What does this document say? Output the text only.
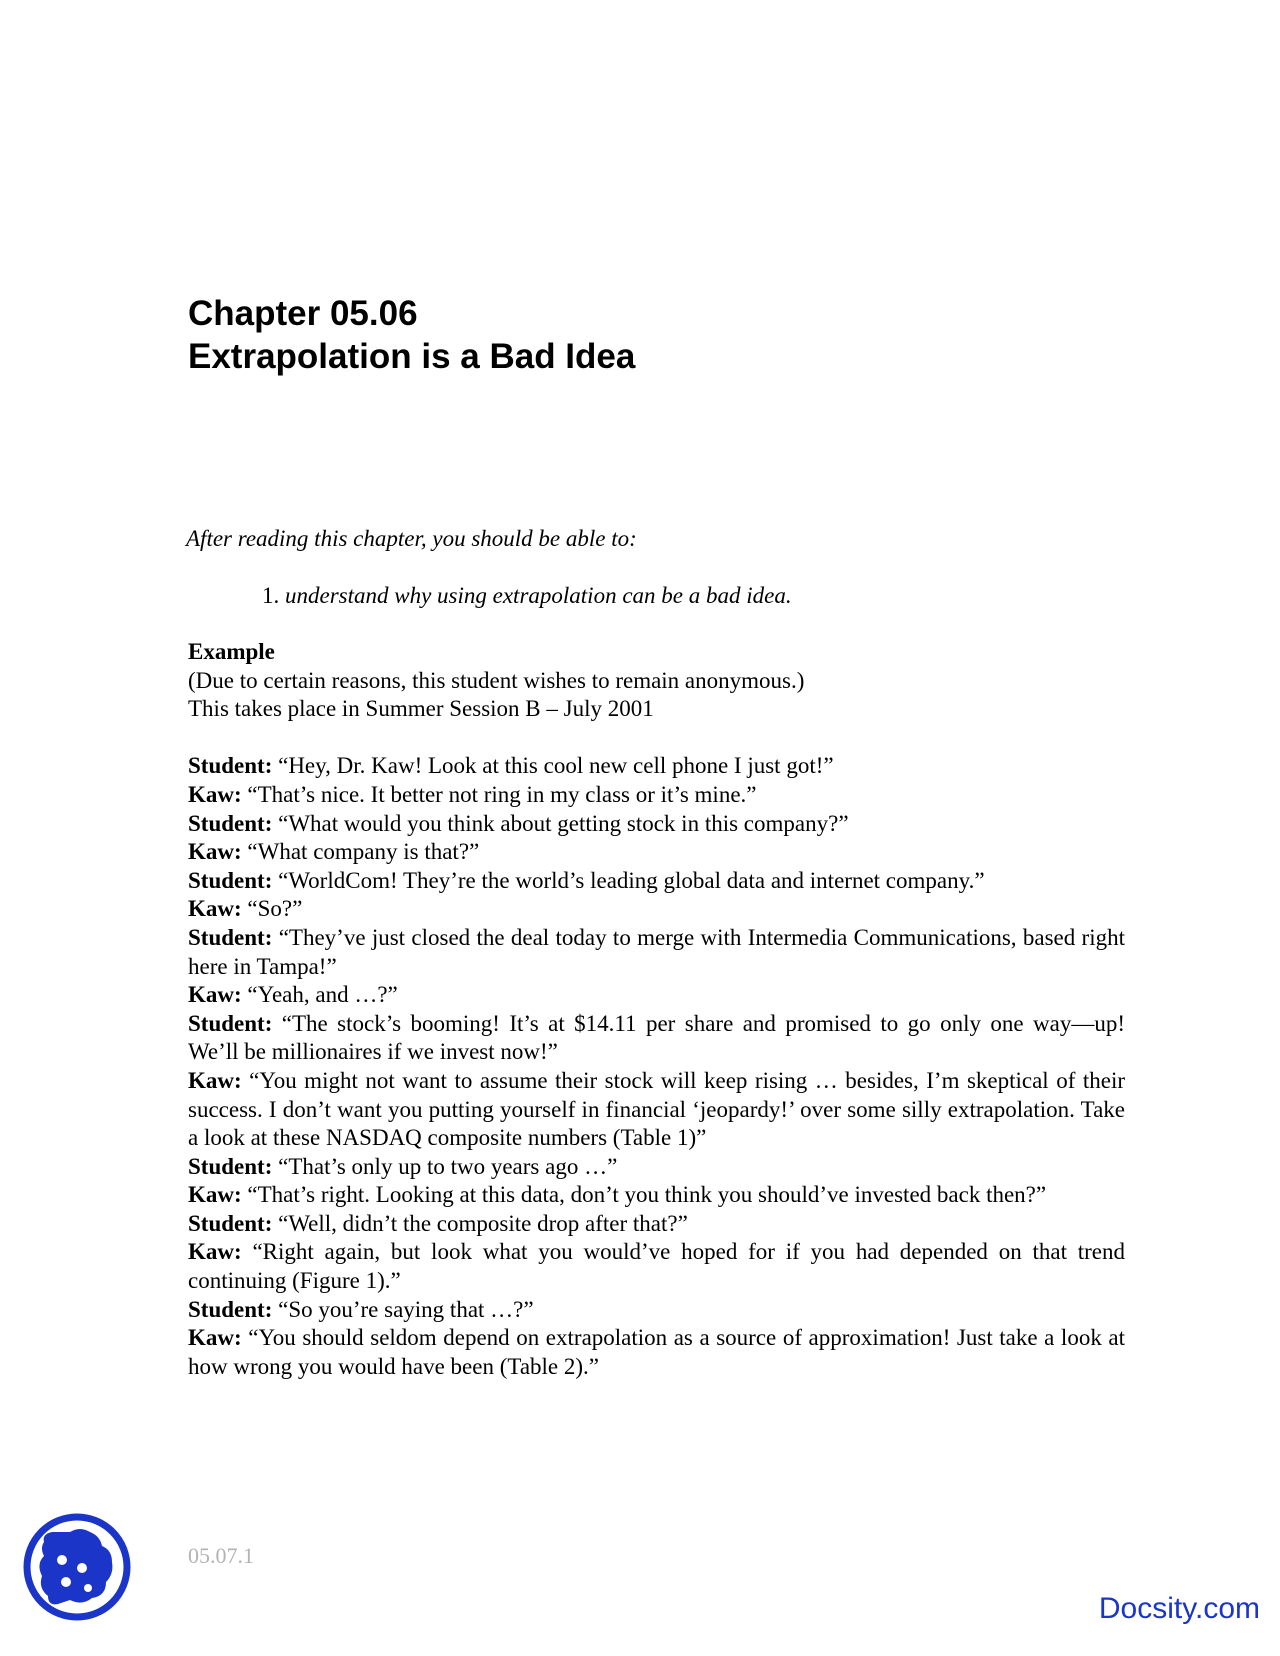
Chapter 05.06
Extrapolation is a Bad Idea

After reading this chapter, you should be able to:

1. understand why using extrapolation can be a bad idea.

Example

(Due to certain reasons, this student wishes to remain anonymous.)

This takes place in Summer Session B – July 2001

Student: “Hey, Dr. Kaw! Look at this cool new cell phone I just got!”

Kaw: “That’s nice. It better not ring in my class or it’s mine.”

Student: “What would you think about getting stock in this company?”

Kaw: “What company is that?”

Student: “WorldCom! They’re the world’s leading global data and internet company.”

Kaw: “So?”

Student: “They’ve just closed the deal today to merge with Intermedia Communications, based right here in Tampa!”

Kaw: “Yeah, and …?”

Student: “The stock’s booming! It’s at $14.11 per share and promised to go only one way—up! We’ll be millionaires if we invest now!”

Kaw: “You might not want to assume their stock will keep rising … besides, I’m skeptical of their success. I don’t want you putting yourself in financial ‘jeopardy!’ over some silly extrapolation. Take a look at these NASDAQ composite numbers (Table 1)”

Student: “That’s only up to two years ago …”

Kaw: “That’s right. Looking at this data, don’t you think you should’ve invested back then?”

Student: “Well, didn’t the composite drop after that?”

Kaw: “Right again, but look what you would’ve hoped for if you had depended on that trend continuing (Figure 1).”

Student: “So you’re saying that …?”

Kaw: “You should seldom depend on extrapolation as a source of approximation! Just take a look at how wrong you would have been (Table 2).”

05.07.1
Docsity.com
